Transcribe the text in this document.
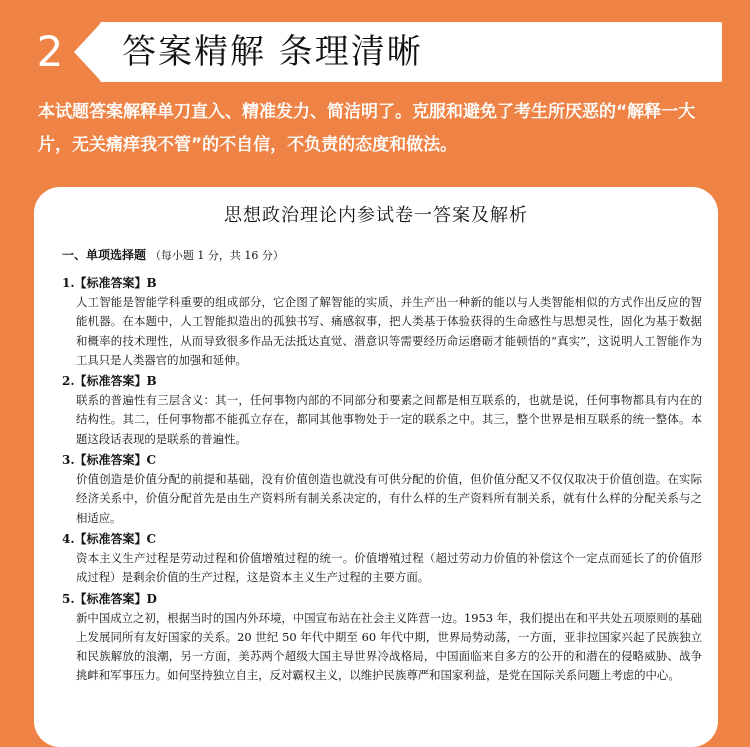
2	答案精解 条理清晰
本试题答案解释单刀直入、精准发力、简洁明了。克服和避免了考生所厌恶的“解释一大片，无关痛痒我不管”的不自信，不负责的态度和做法。
思想政治理论内参试卷一答案及解析
一、单项选择题 （每小题 1 分，共 16 分）
1.【标准答案】B
人工智能是智能学科重要的组成部分，它企图了解智能的实质，并生产出一种新的能以与人类智能相似的方式作出反应的智能机器。在本题中，人工智能拟造出的孤独书写、痛感叙事，把人类基于体验获得的生命感性与思想灵性，固化为基于数据和概率的技术理性，从而导致很多作品无法抵达直觉、潜意识等需要经历命运磨砺才能顿悟的“真实”，这说明人工智能作为工具只是人类器官的加强和延伸。
2.【标准答案】B
联系的普遍性有三层含义：其一，任何事物内部的不同部分和要素之间都是相互联系的，也就是说，任何事物都具有内在的结构性。其二，任何事物都不能孤立存在，都同其他事物处于一定的联系之中。其三，整个世界是相互联系的统一整体。本题这段话表现的是联系的普遍性。
3.【标准答案】C
价值创造是价值分配的前提和基础，没有价值创造也就没有可供分配的价值，但价值分配又不仅仅取决于价值创造。在实际经济关系中，价值分配首先是由生产资料所有制关系决定的，有什么样的生产资料所有制关系，就有什么样的分配关系与之相适应。
4.【标准答案】C
资本主义生产过程是劳动过程和价值增殖过程的统一。价值增殖过程（超过劳动力价值的补偿这个一定点而延长了的价值形成过程）是剩余价值的生产过程，这是资本主义生产过程的主要方面。
5.【标准答案】D
新中国成立之初，根据当时的国内外环境，中国宣布站在社会主义阵营一边。1953 年，我们提出在和平共处五项原则的基础上发展同所有友好国家的关系。20 世纪 50 年代中期至 60 年代中期，世界局势动荡，一方面，亚非拉国家兴起了民族独立和民族解放的浪潮，另一方面，美苏两个超级大国主导世界冷战格局，中国面临来自多方的公开的和潜在的侵略威胁、战争挑衅和军事压力。如何坚持独立自主，反对霸权主义，以维护民族尊严和国家利益，是党在国际关系问题上考虑的中心。
